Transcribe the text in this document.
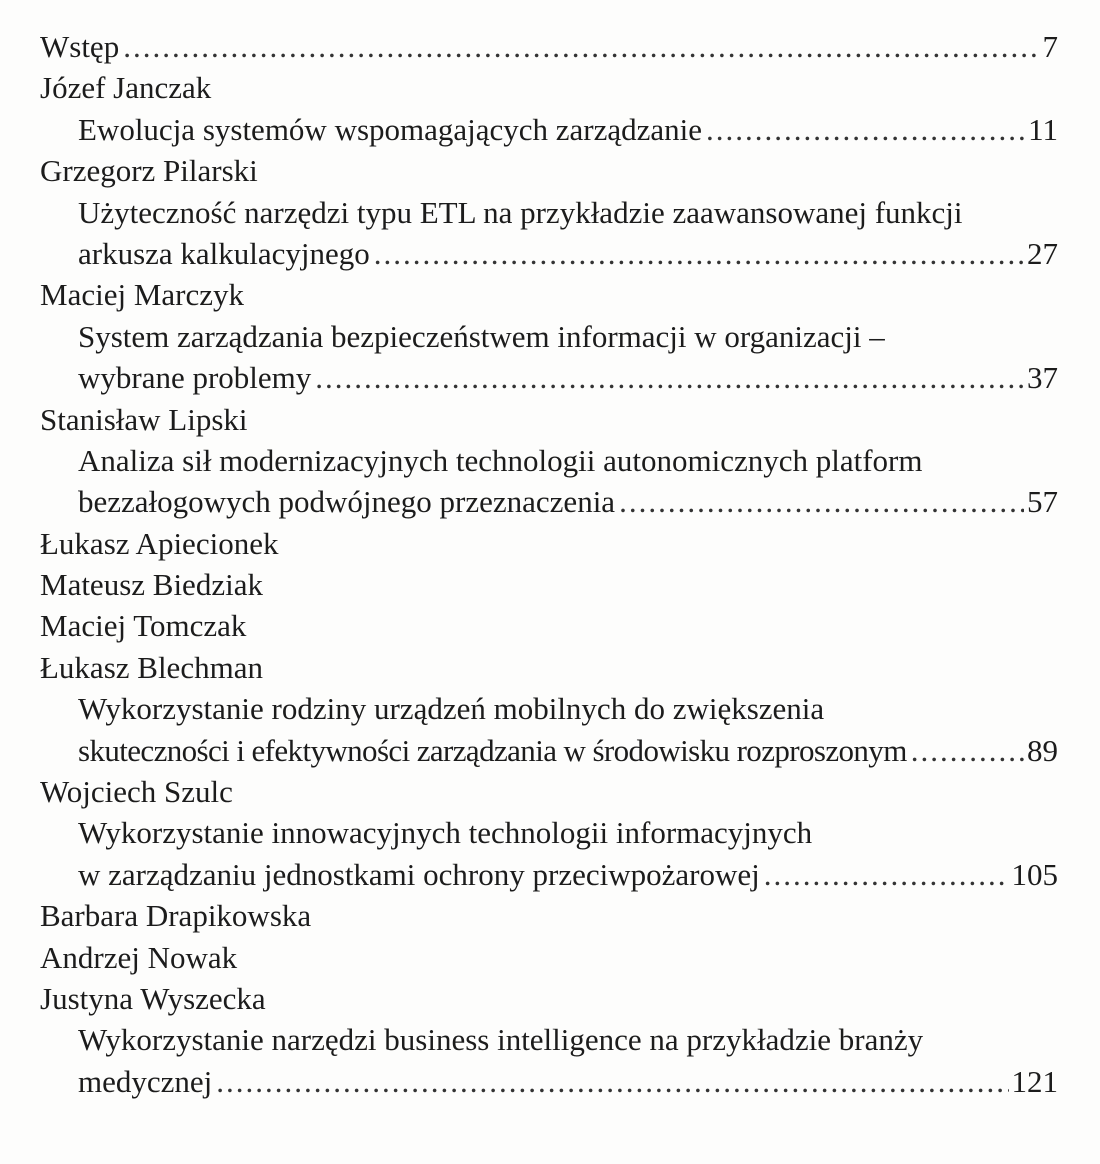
Wstęp .....	7
Józef Janczak
Ewolucja systemów wspomagających zarządzanie .....	11
Grzegorz Pilarski
Użyteczność narzędzi typu ETL na przykładzie zaawansowanej funkcji
arkusza kalkulacyjnego .....	27
Maciej Marczyk
System zarządzania bezpieczeństwem informacji w organizacji –
wybrane problemy .....	37
Stanisław Lipski
Analiza sił modernizacyjnych technologii autonomicznych platform
bezzałogowych podwójnego przeznaczenia .....	57
Łukasz Apiecionek
Mateusz Biedziak
Maciej Tomczak
Łukasz Blechman
Wykorzystanie rodziny urządzeń mobilnych do zwiększenia
skuteczności i efektywności zarządzania w środowisku rozproszonym .....	89
Wojciech Szulc
Wykorzystanie innowacyjnych technologii informacyjnych
w zarządzaniu jednostkami ochrony przeciwpożarowej .....	105
Barbara Drapikowska
Andrzej Nowak
Justyna Wyszecka
Wykorzystanie narzędzi business intelligence na przykładzie branży
medycznej .....	121
